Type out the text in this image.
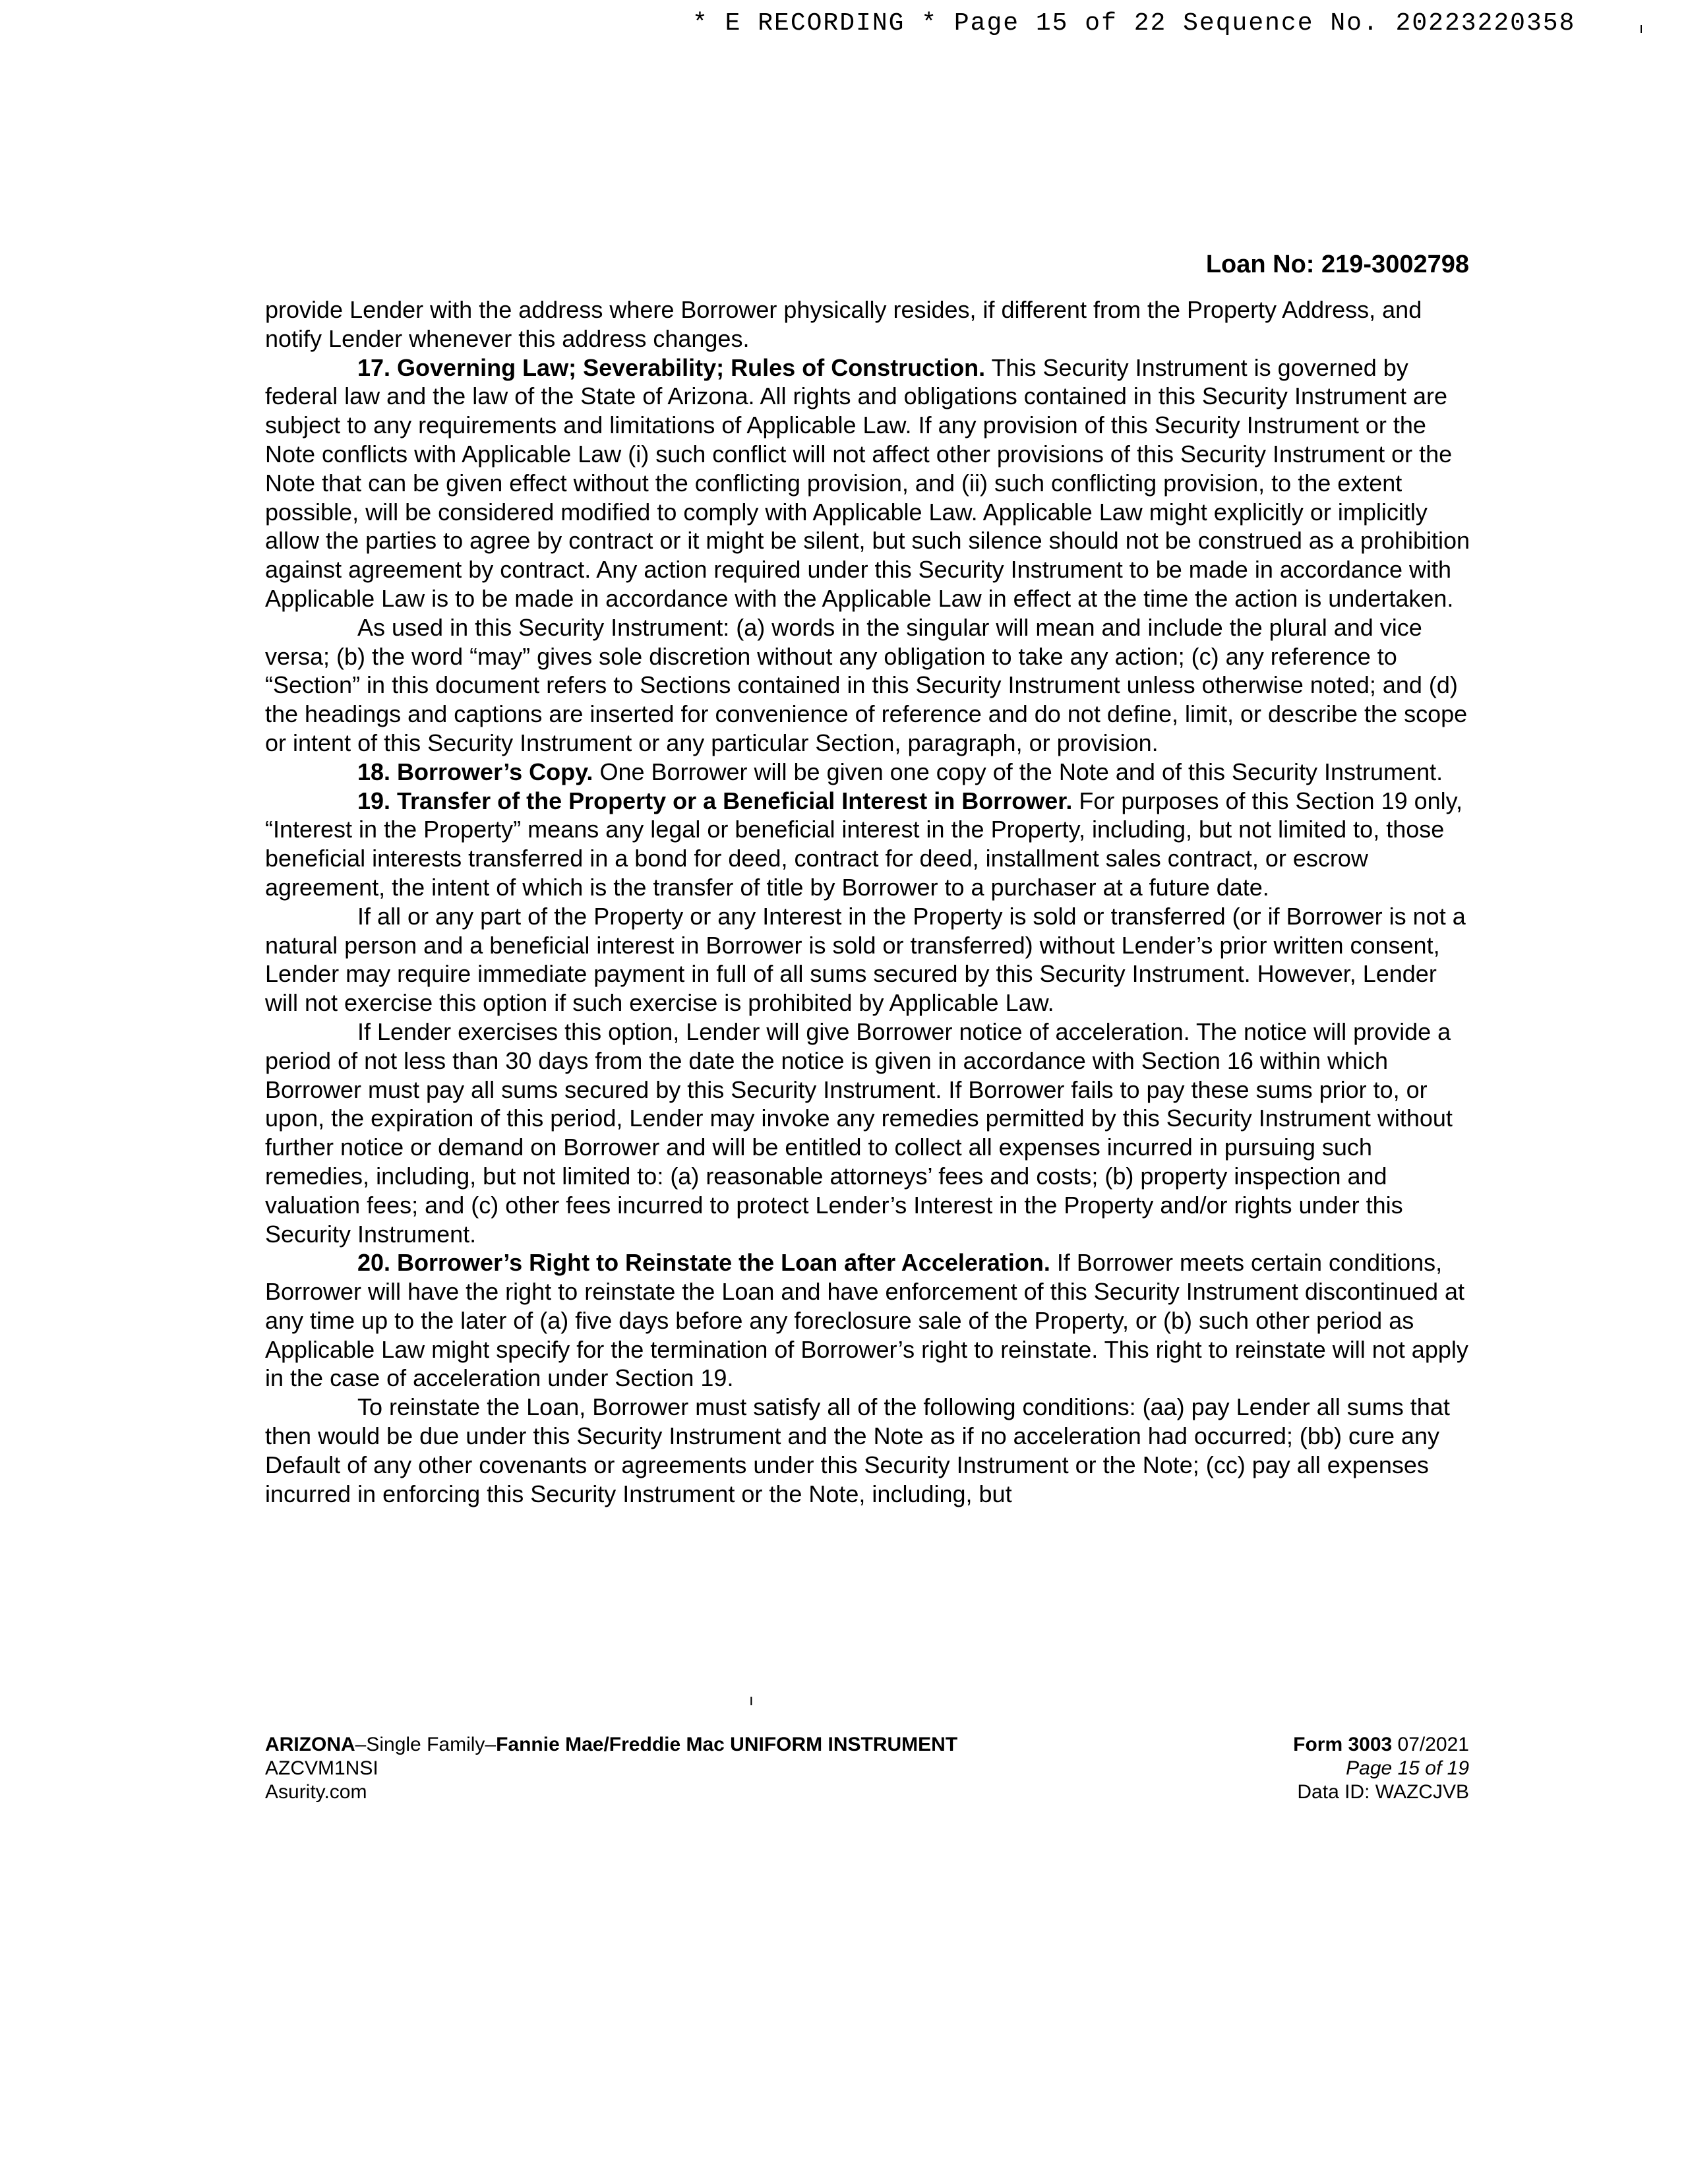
* E RECORDING * Page 15 of 22 Sequence No. 20223220358	ı
Loan No: 219-3002798

provide Lender with the address where Borrower physically resides, if different from the Property Address, and notify Lender whenever this address changes.

17. Governing Law; Severability; Rules of Construction. This Security Instrument is governed by federal law and the law of the State of Arizona. All rights and obligations contained in this Security Instrument are subject to any requirements and limitations of Applicable Law. If any provision of this Security Instrument or the Note conflicts with Applicable Law (i) such conflict will not affect other provisions of this Security Instrument or the Note that can be given effect without the conflicting provision, and (ii) such conflicting provision, to the extent possible, will be considered modified to comply with Applicable Law. Applicable Law might explicitly or implicitly allow the parties to agree by contract or it might be silent, but such silence should not be construed as a prohibition against agreement by contract. Any action required under this Security Instrument to be made in accordance with Applicable Law is to be made in accordance with the Applicable Law in effect at the time the action is undertaken.

As used in this Security Instrument: (a) words in the singular will mean and include the plural and vice versa; (b) the word “may” gives sole discretion without any obligation to take any action; (c) any reference to “Section” in this document refers to Sections contained in this Security Instrument unless otherwise noted; and (d) the headings and captions are inserted for convenience of reference and do not define, limit, or describe the scope or intent of this Security Instrument or any particular Section, paragraph, or provision.

18. Borrower’s Copy. One Borrower will be given one copy of the Note and of this Security Instrument.

19. Transfer of the Property or a Beneficial Interest in Borrower. For purposes of this Section 19 only, “Interest in the Property” means any legal or beneficial interest in the Property, including, but not limited to, those beneficial interests transferred in a bond for deed, contract for deed, installment sales contract, or escrow agreement, the intent of which is the transfer of title by Borrower to a purchaser at a future date.

If all or any part of the Property or any Interest in the Property is sold or transferred (or if Borrower is not a natural person and a beneficial interest in Borrower is sold or transferred) without Lender’s prior written consent, Lender may require immediate payment in full of all sums secured by this Security Instrument. However, Lender will not exercise this option if such exercise is prohibited by Applicable Law.

If Lender exercises this option, Lender will give Borrower notice of acceleration. The notice will provide a period of not less than 30 days from the date the notice is given in accordance with Section 16 within which Borrower must pay all sums secured by this Security Instrument. If Borrower fails to pay these sums prior to, or upon, the expiration of this period, Lender may invoke any remedies permitted by this Security Instrument without further notice or demand on Borrower and will be entitled to collect all expenses incurred in pursuing such remedies, including, but not limited to: (a) reasonable attorneys’ fees and costs; (b) property inspection and valuation fees; and (c) other fees incurred to protect Lender’s Interest in the Property and/or rights under this Security Instrument.

20. Borrower’s Right to Reinstate the Loan after Acceleration. If Borrower meets certain conditions, Borrower will have the right to reinstate the Loan and have enforcement of this Security Instrument discontinued at any time up to the later of (a) five days before any foreclosure sale of the Property, or (b) such other period as Applicable Law might specify for the termination of Borrower’s right to reinstate. This right to reinstate will not apply in the case of acceleration under Section 19.

To reinstate the Loan, Borrower must satisfy all of the following conditions: (aa) pay Lender all sums that then would be due under this Security Instrument and the Note as if no acceleration had occurred; (bb) cure any Default of any other covenants or agreements under this Security Instrument or the Note; (cc) pay all expenses incurred in enforcing this Security Instrument or the Note, including, but

ı
ARIZONA–Single Family–Fannie Mae/Freddie Mac UNIFORM INSTRUMENT
AZCVM1NSI
Asurity.com
Form 3003 07/2021
Page 15 of 19
Data ID: WAZCJVB
